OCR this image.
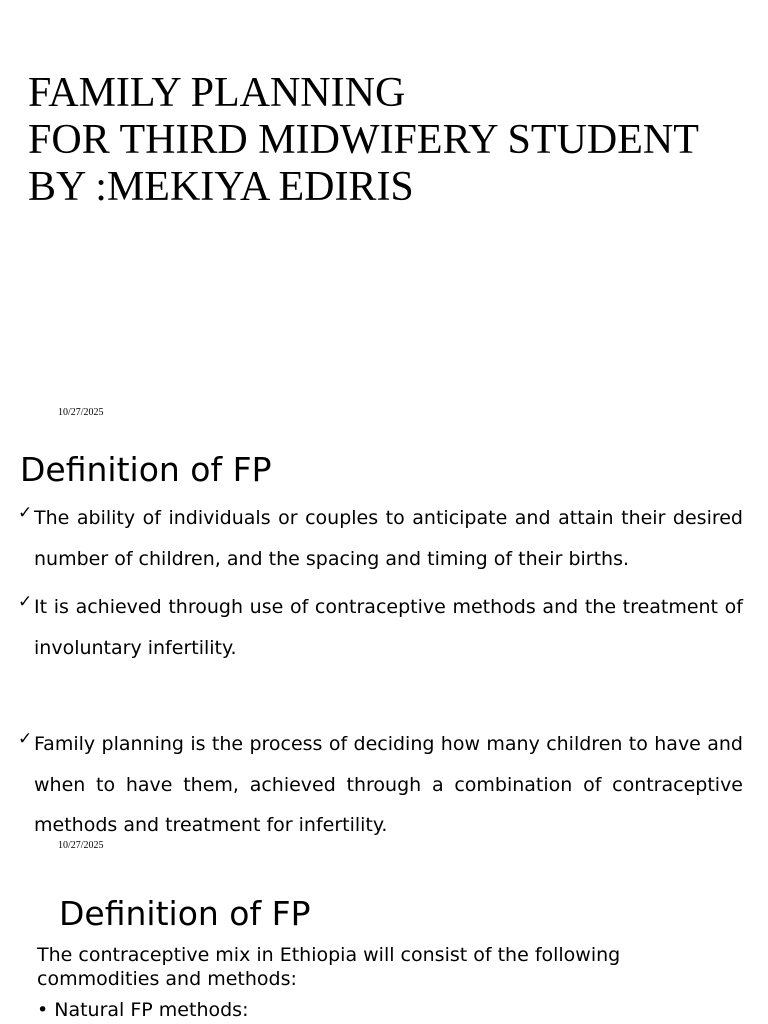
FAMILY PLANNING
FOR THIRD MIDWIFERY STUDENT
BY :MEKIYA EDIRIS
10/27/2025
Definition of FP
✓ The ability of individuals or couples to anticipate and attain their desired number of children, and the spacing and timing of their births.
✓ It is achieved through use of contraceptive methods and the treatment of involuntary infertility.
✓ Family planning is the process of deciding how many children to have and when to have them, achieved through a combination of contraceptive methods and treatment for infertility.
10/27/2025
Definition of FP
The contraceptive mix in Ethiopia will consist of the following commodities and methods:
• Natural FP methods:
